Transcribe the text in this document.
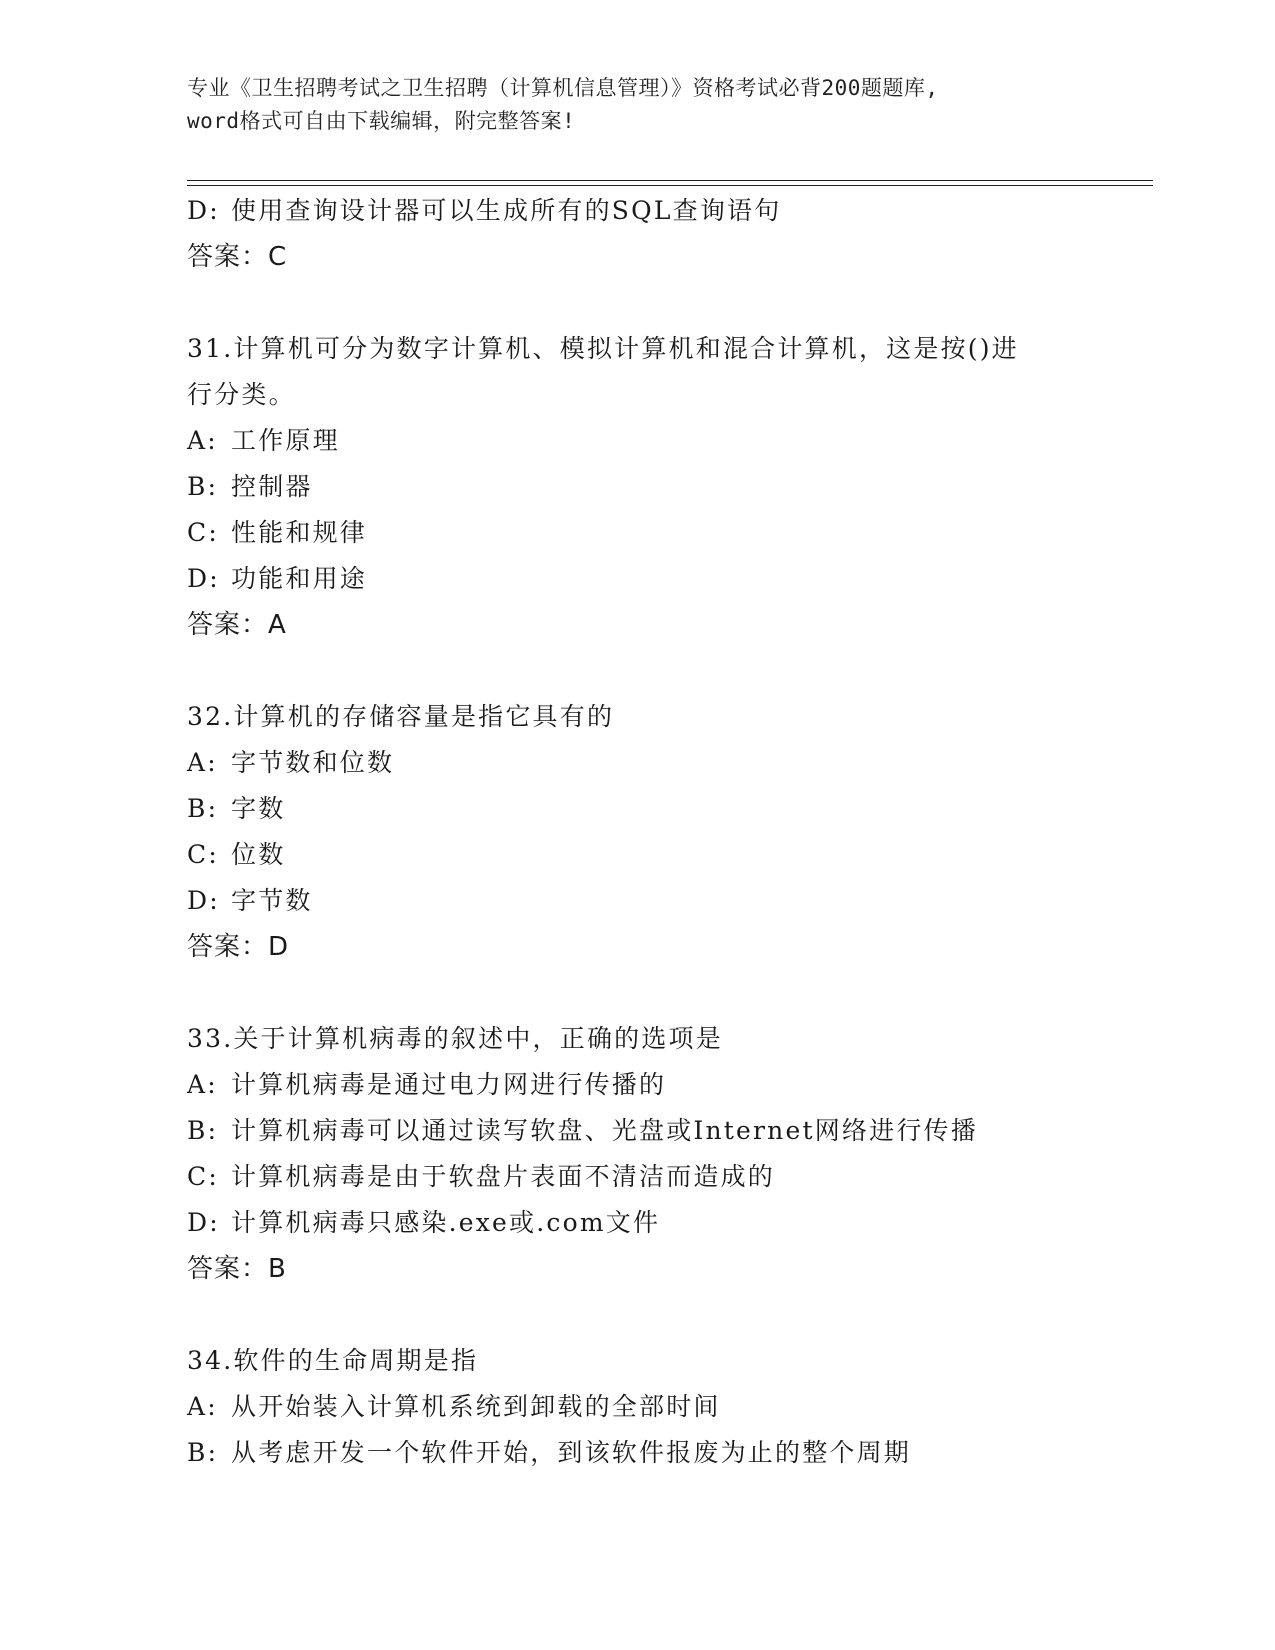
专业《卫生招聘考试之卫生招聘（计算机信息管理）》资格考试必背200题题库,
word格式可自由下载编辑，附完整答案!
D: 使用查询设计器可以生成所有的SQL查询语句
答案：C
31.计算机可分为数字计算机、模拟计算机和混合计算机，这是按()进
行分类。
A: 工作原理
B: 控制器
C: 性能和规律
D: 功能和用途
答案：A
32.计算机的存储容量是指它具有的
A: 字节数和位数
B: 字数
C: 位数
D: 字节数
答案：D
33.关于计算机病毒的叙述中，正确的选项是
A: 计算机病毒是通过电力网进行传播的
B: 计算机病毒可以通过读写软盘、光盘或Internet网络进行传播
C: 计算机病毒是由于软盘片表面不清洁而造成的
D: 计算机病毒只感染.exe或.com文件
答案：B
34.软件的生命周期是指
A: 从开始装入计算机系统到卸载的全部时间
B: 从考虑开发一个软件开始，到该软件报废为止的整个周期
